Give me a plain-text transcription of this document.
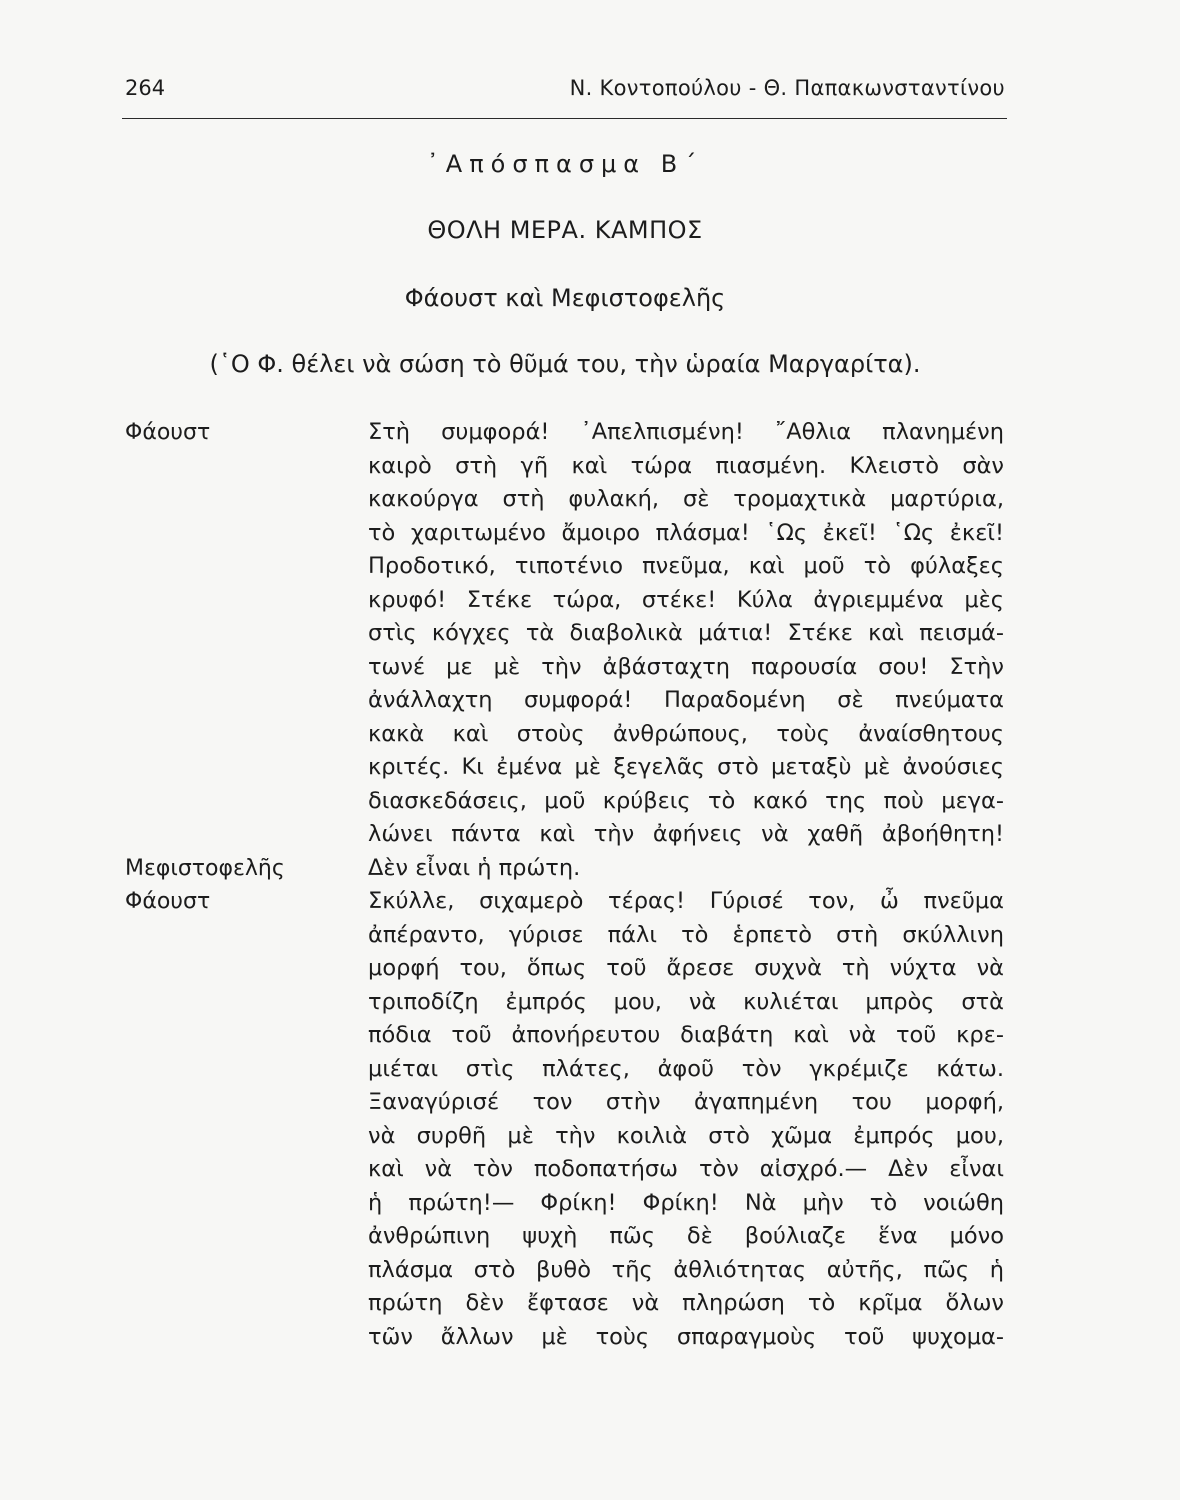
264	Ν. Κοντοπούλου - Θ. Παπακωνσταντίνου
᾿Απόσπασμα Β΄
ΘΟΛΗ ΜΕΡΑ. ΚΑΜΠΟΣ
Φάουστ καὶ Μεφιστοφελῆς
(῾Ο Φ. θέλει νὰ σώση τὸ θῦμά του, τὴν ὡραία Μαργαρίτα).
Φάουστ	Στὴ συμφορά! ᾿Απελπισμένη! ῎Αθλια πλανημένη
καιρὸ στὴ γῆ καὶ τώρα πιασμένη. Κλειστὸ σὰν
κακούργα στὴ φυλακή, σὲ τρομαχτικὰ μαρτύρια,
τὸ χαριτωμένο ἄμοιρο πλάσμα! ῾Ως ἐκεῖ! ῾Ως ἐκεῖ!
Προδοτικό, τιποτένιο πνεῦμα, καὶ μοῦ τὸ φύλαξες
κρυφό! Στέκε τώρα, στέκε! Κύλα ἀγριεμμένα μὲς
στὶς κόγχες τὰ διαβολικὰ μάτια! Στέκε καὶ πεισμά-
τωνέ με μὲ τὴν ἀβάσταχτη παρουσία σου! Στὴν
ἀνάλλαχτη συμφορά! Παραδομένη σὲ πνεύματα
κακὰ καὶ στοὺς ἀνθρώπους, τοὺς ἀναίσθητους
κριτές. Κι ἐμένα μὲ ξεγελᾶς στὸ μεταξὺ μὲ ἀνούσιες
διασκεδάσεις, μοῦ κρύβεις τὸ κακό της ποὺ μεγα-
λώνει πάντα καὶ τὴν ἀφήνεις νὰ χαθῆ ἀβοήθητη!
Μεφιστοφελῆς	Δὲν εἶναι ἡ πρώτη.
Φάουστ	Σκύλλε, σιχαμερὸ τέρας! Γύρισέ τον, ὦ πνεῦμα
ἀπέραντο, γύρισε πάλι τὸ ἑρπετὸ στὴ σκύλλινη
μορφή του, ὅπως τοῦ ἄρεσε συχνὰ τὴ νύχτα νὰ
τριποδίζη ἐμπρός μου, νὰ κυλιέται μπρὸς στὰ
πόδια τοῦ ἀπονήρευτου διαβάτη καὶ νὰ τοῦ κρε-
μιέται στὶς πλάτες, ἀφοῦ τὸν γκρέμιζε κάτω.
Ξαναγύρισέ τον στὴν ἀγαπημένη του μορφή,
νὰ συρθῆ μὲ τὴν κοιλιὰ στὸ χῶμα ἐμπρός μου,
καὶ νὰ τὸν ποδοπατήσω τὸν αἰσχρό.— Δὲν εἶναι
ἡ πρώτη!— Φρίκη! Φρίκη! Νὰ μὴν τὸ νοιώθη
ἀνθρώπινη ψυχὴ πῶς δὲ βούλιαζε ἕνα μόνο
πλάσμα στὸ βυθὸ τῆς ἀθλιότητας αὐτῆς, πῶς ἡ
πρώτη δὲν ἔφτασε νὰ πληρώση τὸ κρῖμα ὅλων
τῶν ἄλλων μὲ τοὺς σπαραγμοὺς τοῦ ψυχομα-
